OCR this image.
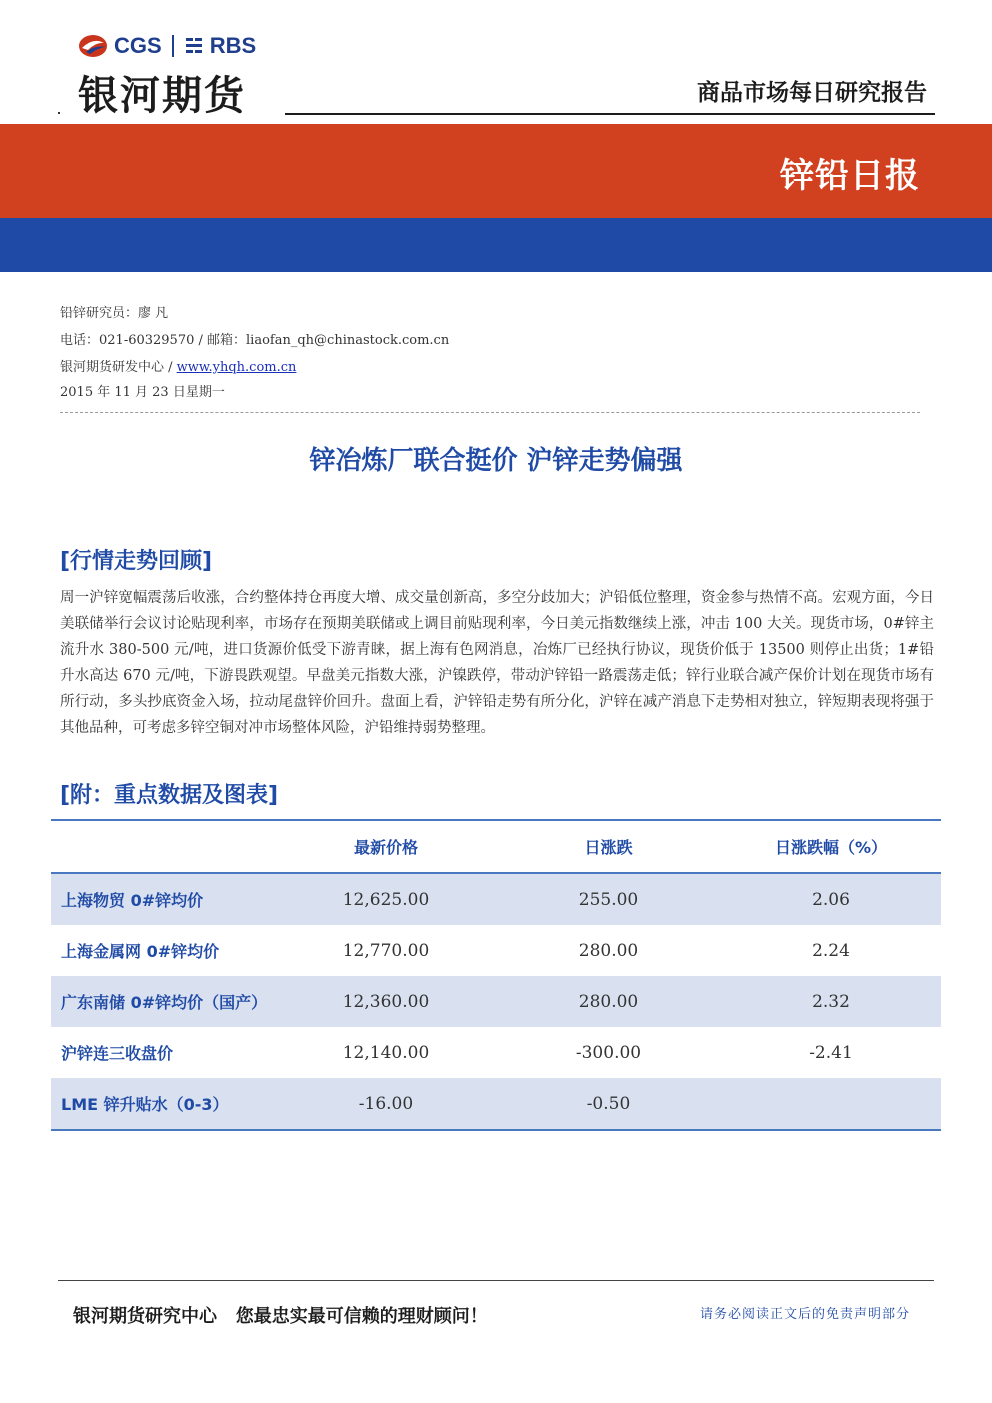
CGS RBS
银河期货	商品市场每日研究报告
锌铅日报
铅锌研究员：廖 凡
电话：021-60329570 / 邮箱：liaofan_qh@chinastock.com.cn
银河期货研发中心 / www.yhqh.com.cn
2015 年 11 月 23 日星期一
锌冶炼厂联合挺价 沪锌走势偏强
[行情走势回顾]
周一沪锌宽幅震荡后收涨，合约整体持仓再度大增、成交量创新高，多空分歧加大；沪铅低位整理，资金参与热情不高。宏观方面，今日美联储举行会议讨论贴现利率，市场存在预期美联储或上调目前贴现利率，今日美元指数继续上涨，冲击 100 大关。现货市场，0#锌主流升水 380-500 元/吨，进口货源价低受下游青睐，据上海有色网消息，冶炼厂已经执行协议，现货价低于 13500 则停止出货；1#铅升水高达 670 元/吨，下游畏跌观望。早盘美元指数大涨，沪镍跌停，带动沪锌铅一路震荡走低；锌行业联合减产保价计划在现货市场有所行动，多头抄底资金入场，拉动尾盘锌价回升。盘面上看，沪锌铅走势有所分化，沪锌在减产消息下走势相对独立，锌短期表现将强于其他品种，可考虑多锌空铜对冲市场整体风险，沪铅维持弱势整理。
[附：重点数据及图表]
	最新价格	日涨跌	日涨跌幅（%）
上海物贸 0#锌均价	12,625.00	255.00	2.06
上海金属网 0#锌均价	12,770.00	280.00	2.24
广东南储 0#锌均价（国产）	12,360.00	280.00	2.32
沪锌连三收盘价	12,140.00	-300.00	-2.41
LME 锌升贴水（0-3）	-16.00	-0.50	
银河期货研究中心   您最忠实最可信赖的理财顾问！	请务必阅读正文后的免责声明部分
